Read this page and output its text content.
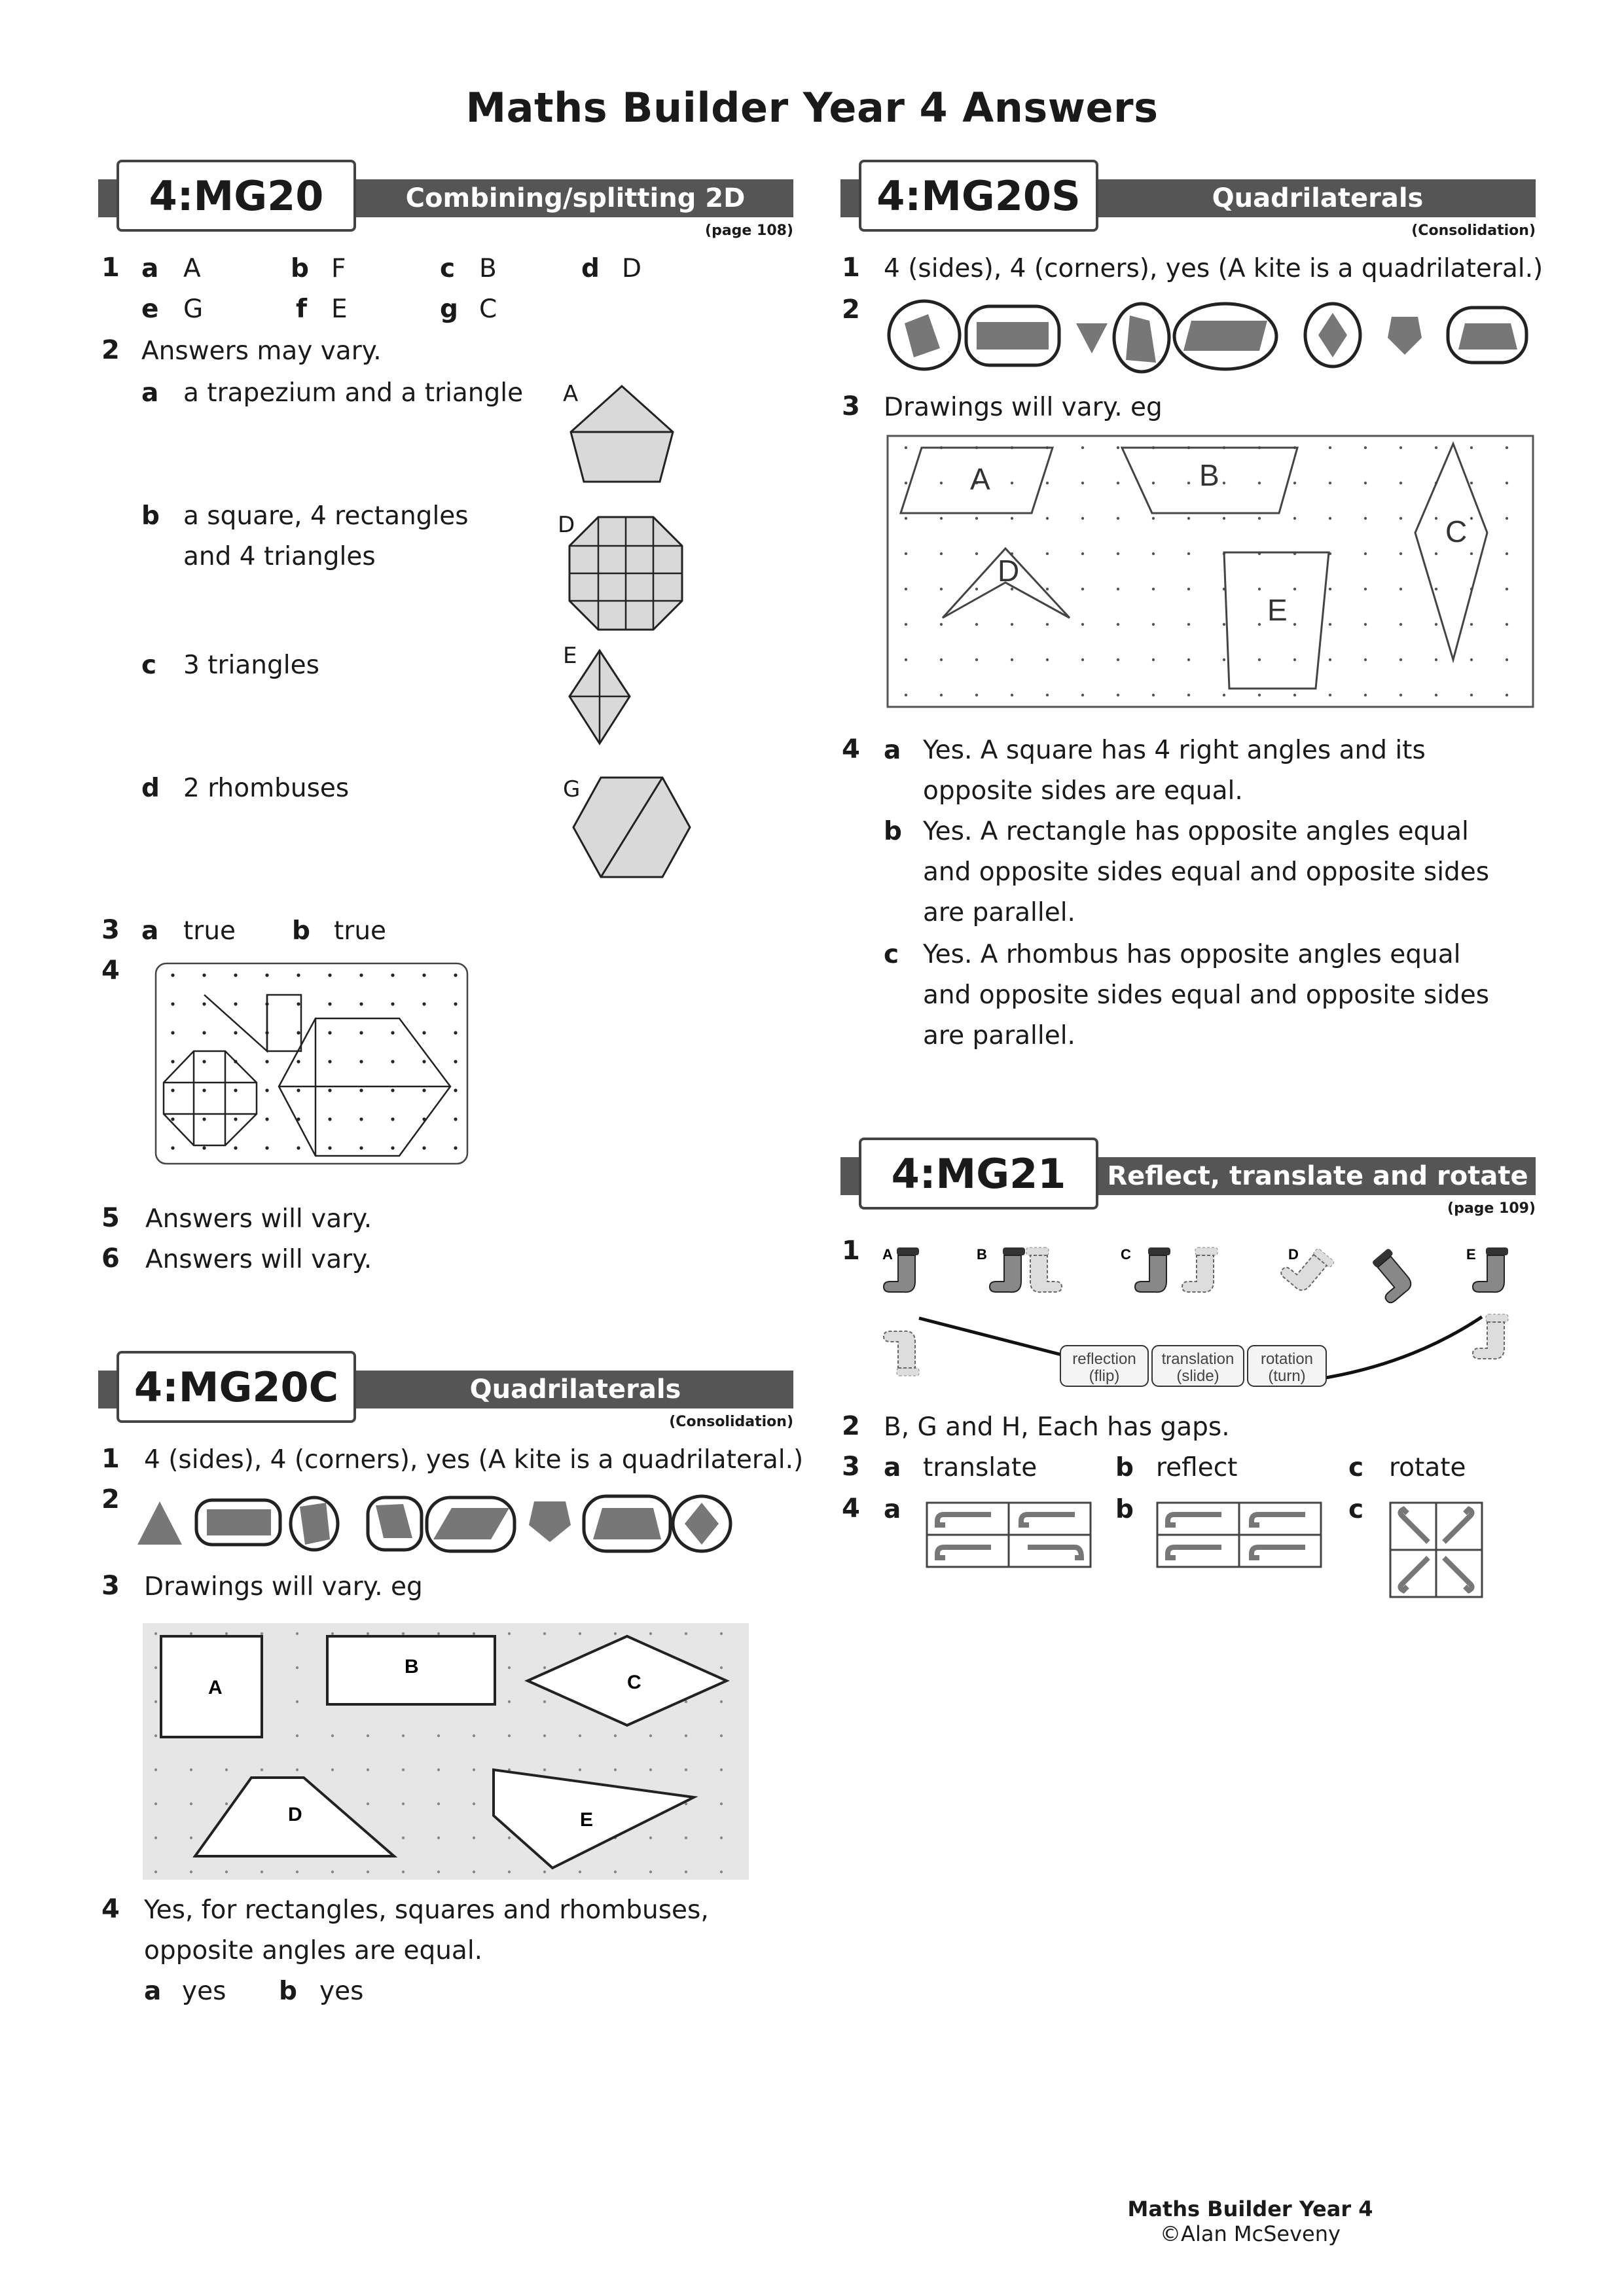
Maths Builder Year 4 Answers
4:MG20	Combining/splitting 2D shapes	(page 108)
1 a A	b F	c B	d D
e G	f E	g C
2 Answers may vary.
a a trapezium and a triangle A
b a square, 4 rectangles
and 4 triangles
D
c 3 triangles	E
d 2 rhombuses	G
3 a true b true
4
5 Answers will vary.
6 Answers will vary.
4:MG20C	Quadrilaterals
(Consolidation)
1 4 (sides), 4 (corners), yes (A kite is a quadrilateral.)
2
3 Drawings will vary. eg
A
B
C
D	E
4 Yes, for rectangles, squares and rhombuses,
opposite angles are equal.
a yes b yes
4:MG20S	Quadrilaterals
(Consolidation)
1 4 (sides), 4 (corners), yes (A kite is a quadrilateral.)
2
3 Drawings will vary. eg
A	B
C
D
E
4 a Yes. A square has 4 right angles and its
opposite sides are equal.
b Yes. A rectangle has opposite angles equal
and opposite sides equal and opposite sides
are parallel.
c Yes. A rhombus has opposite angles equal
and opposite sides equal and opposite sides
are parallel.
4:MG21	Reflect, translate and rotate
(page 109)
1 A	B	C	D	E
reflection
(flip)
translation
(slide)
rotation
(turn)
2 B, G and H, Each has gaps.
3 a translate	b reflect	c rotate
4 a	b	c
Maths Builder Year 4
©Alan McSeveny
